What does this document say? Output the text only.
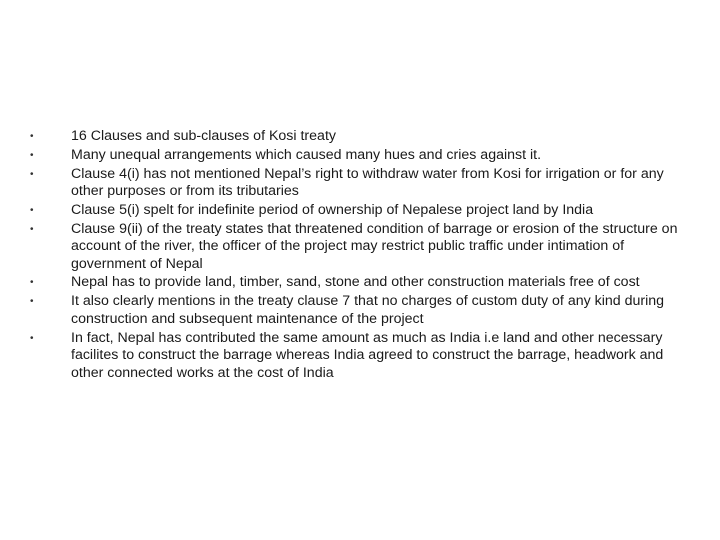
•	16 Clauses and sub-clauses of Kosi treaty
•	Many unequal arrangements which caused many hues and cries against it.
•	Clause 4(i) has not mentioned Nepal’s right to withdraw water from Kosi for irrigation or for any other purposes or from its tributaries
•	Clause 5(i) spelt for indefinite period of ownership of Nepalese project land by India
•	Clause 9(ii) of the treaty states that threatened condition of barrage or erosion of the structure on account of the river, the officer of the project may restrict public traffic under intimation of government of Nepal
•	Nepal has to provide land, timber, sand, stone and other construction materials free of cost
•	It also clearly mentions in the treaty clause 7 that no charges of custom duty of any kind during construction and subsequent maintenance of the project
•	In fact, Nepal has contributed the same amount as much as India i.e land and other necessary facilites to construct the barrage whereas India agreed to construct the barrage, headwork and other connected works at the cost of India
